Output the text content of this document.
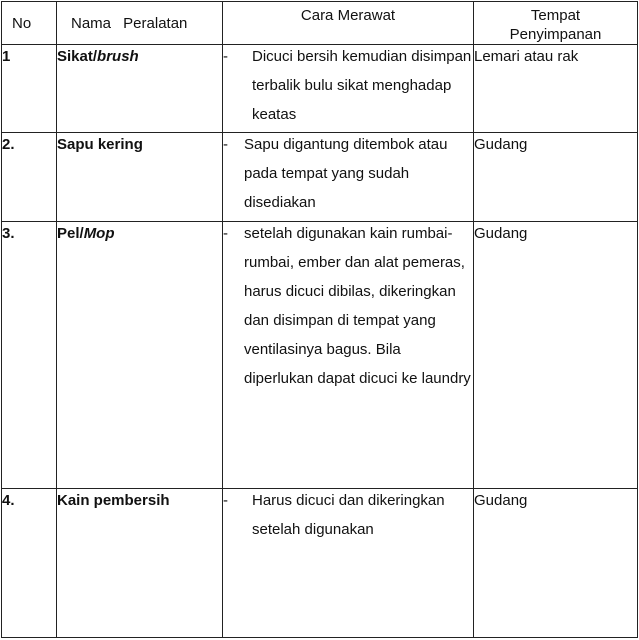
No	Nama Peralatan	Cara Merawat	Tempat
Penyimpanan

1	Sikat/brush	- Dicuci bersih kemudian disimpan terbalik bulu sikat menghadap keatas	Lemari atau rak

2.	Sapu kering	- Sapu digantung ditembok atau pada tempat yang sudah disediakan	Gudang

3.	Pel/Mop	- setelah digunakan kain rumbai-rumbai, ember dan alat pemeras, harus dicuci dibilas, dikeringkan dan disimpan di tempat yang ventilasinya bagus. Bila diperlukan dapat dicuci ke laundry	Gudang

4.	Kain pembersih	- Harus dicuci dan dikeringkan setelah digunakan	Gudang
